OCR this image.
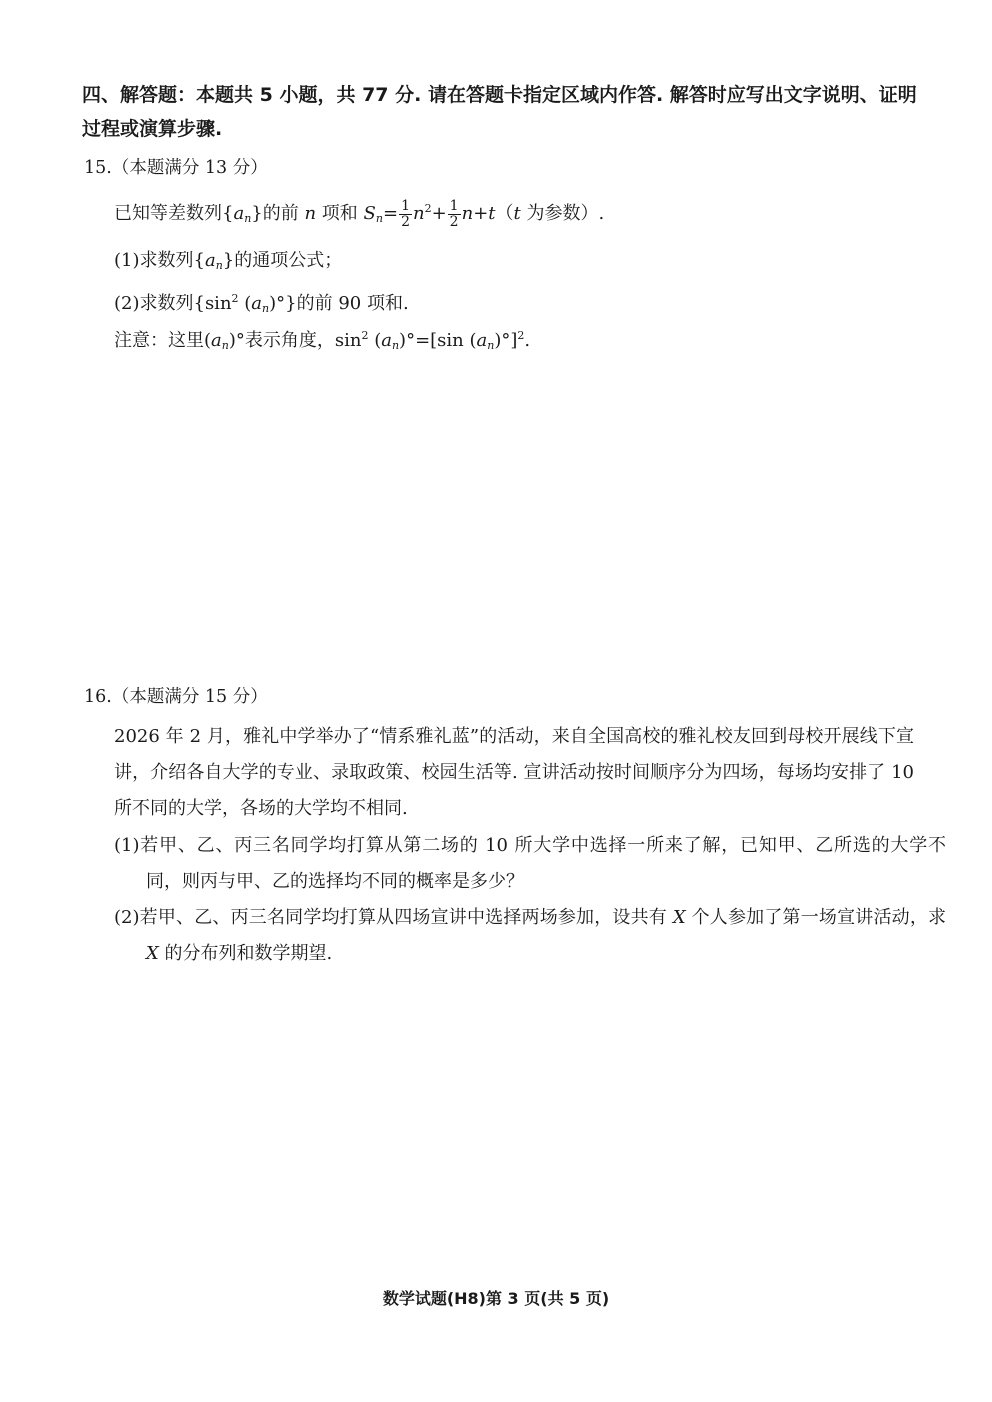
四、解答题：本题共 5 小题，共 77 分. 请在答题卡指定区域内作答. 解答时应写出文字说明、证明
过程或演算步骤.
15.（本题满分 13 分）
已知等差数列$\{a_n\}$的前 n 项和 $S_n= \frac{1}{2} n^2+ \frac{1}{2} n+t(t$ 为参数）.
(1)求数列$\{a_n\}$的通项公式；
(2)求数列{$\sin^2$ $(a_n)^\circ$}的前 90 项和.
注意：这里$(a_n)^\circ$表示角度，$\sin^2 (a_n)^\circ=[\sin$ $(a_n)^\circ]^2$.
16.（本题满分 15 分）
2026 年 2 月，雅礼中学举办了“情系雅礼蓝”的活动，来自全国高校的雅礼校友回到母校开展线下宣讲，介绍各自大学的专业、录取政策、校园生活等. 宣讲活动按时间顺序分为四场，每场均安排了 10 所不同的大学，各场的大学均不相同.
(1)若甲、乙、丙三名同学均打算从第二场的 10 所大学中选择一所来了解，已知甲、乙所选的大学不同，则丙与甲、乙的选择均不同的概率是多少？
(2)若甲、乙、丙三名同学均打算从四场宣讲中选择两场参加，设共有 X 个人参加了第一场宣讲活动，求 X 的分布列和数学期望.
数学试题(H8)第 3 页(共 5 页)
